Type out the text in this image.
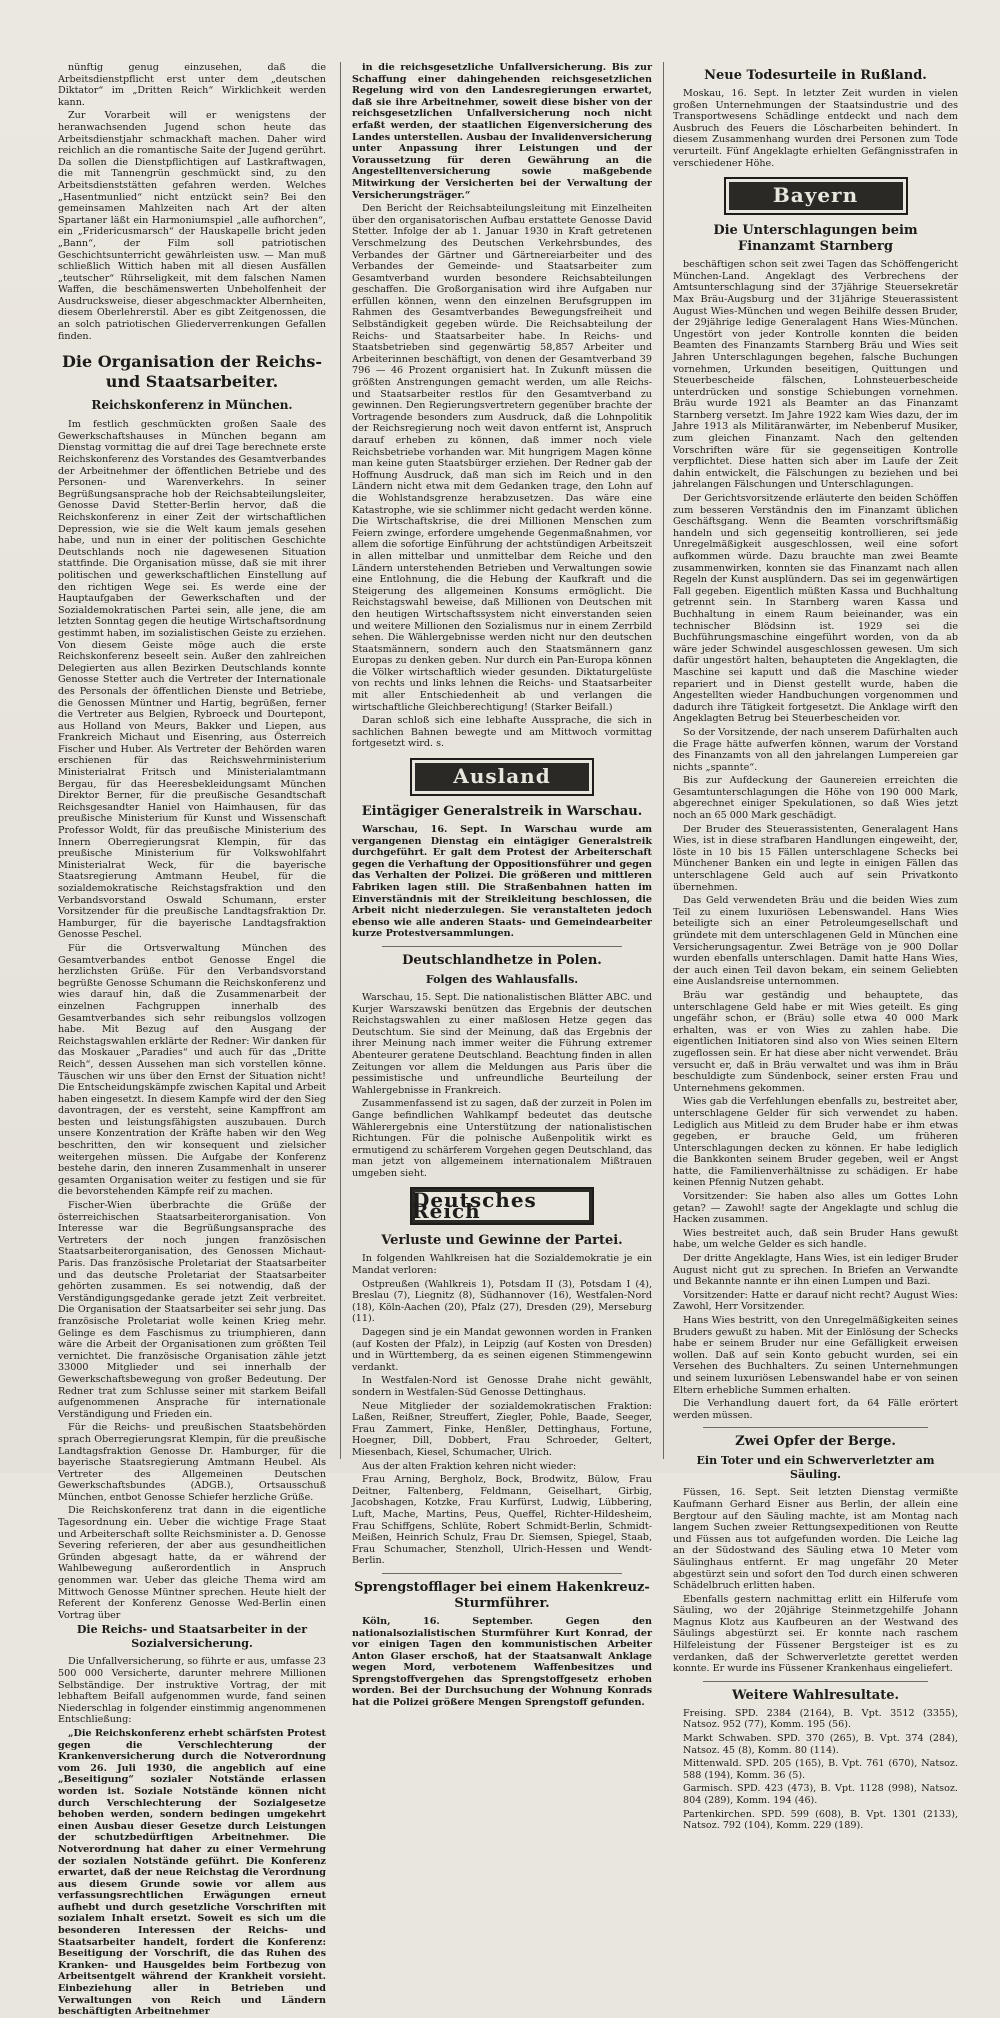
nünftig genug einzusehen, daß die Arbeitsdienstpflicht erst unter dem „deutschen Diktator“ im „Dritten Reich“ Wirklichkeit werden kann.

Zur Vorarbeit will er wenigstens der heranwachsenden Jugend schon heute das Arbeitsdienstjahr schmackhaft machen. Daher wird reichlich an die romantische Saite der Jugend gerührt. Da sollen die Dienstpflichtigen auf Lastkraftwagen, die mit Tannengrün geschmückt sind, zu den Arbeitsdienststätten gefahren werden. Welches „Hasentmunlied“ nicht entzückt sein? Bei den gemeinsamen Mahlzeiten nach Art der alten Spartaner läßt ein Harmoniumspiel „alle aufhorchen“, ein „Fridericusmarsch“ der Hauskapelle bricht jeden „Bann“, der Film soll patriotischen Geschichtsunterricht gewährleisten usw. — Man muß schließlich Wittich haben mit all diesen Ausfällen „teutscher“ Rührseligkeit, mit dem falschen Namen Waffen, die beschämenswerten Unbeholfenheit der Ausdrucksweise, dieser abgeschmackter Albernheiten, diesem Oberlehrerstil. Aber es gibt Zeitgenossen, die an solch patriotischen Gliederverrenkungen Gefallen finden.

Die Organisation der Reichs- und Staatsarbeiter.
Reichskonferenz in München.

Im festlich geschmückten großen Saale des Gewerkschaftshauses in München begann am Dienstag vormittag die auf drei Tage berechnete erste Reichskonferenz des Vorstandes des Gesamtverbandes der Arbeitnehmer der öffentlichen Betriebe und des Personen- und Warenverkehrs. In seiner Begrüßungsansprache hob der Reichsabteilungsleiter, Genosse David Stetter-Berlin hervor, daß die Reichskonferenz in einer Zeit der wirtschaftlichen Depression, wie sie die Welt kaum jemals gesehen habe, und nun in einer der politischen Geschichte Deutschlands noch nie dagewesenen Situation stattfinde. Die Organisation müsse, daß sie mit ihrer politischen und gewerkschaftlichen Einstellung auf den richtigen Wege sei. Es werde eine der Hauptaufgaben der Gewerkschaften und der Sozialdemokratischen Partei sein, alle jene, die am letzten Sonntag gegen die heutige Wirtschaftsordnung gestimmt haben, im sozialistischen Geiste zu erziehen. Von diesem Geiste möge auch die erste Reichskonferenz beseelt sein. Außer den zahlreichen Delegierten aus allen Bezirken Deutschlands konnte Genosse Stetter auch die Vertreter der Internationale des Personals der öffentlichen Dienste und Betriebe, die Genossen Müntner und Hartig, begrüßen, ferner die Vertreter aus Belgien, Rybroeck und Dourtepont, aus Holland von Meurs, Bakker und Liepen, aus Frankreich Michaut und Eisenring, aus Österreich Fischer und Huber. Als Vertreter der Behörden waren erschienen für das Reichswehrministerium Ministerialrat Fritsch und Ministerialamtmann Bergau, für das Heeresbekleidungsamt München Direktor Berner, für die preußische Gesandtschaft Reichsgesandter Haniel von Haimhausen, für das preußische Ministerium für Kunst und Wissenschaft Professor Woldt, für das preußische Ministerium des Innern Oberregierungsrat Klempin, für das preußische Ministerium für Volkswohlfahrt Ministerialrat Weck, für die bayerische Staatsregierung Amtmann Heubel, für die sozialdemokratische Reichstagsfraktion und den Verbandsvorstand Oswald Schumann, erster Vorsitzender für die preußische Landtagsfraktion Dr. Hamburger, für die bayerische Landtagsfraktion Genosse Peschel.

Für die Ortsverwaltung München des Gesamtverbandes entbot Genosse Engel die herzlichsten Grüße. Für den Verbandsvorstand begrüßte Genosse Schumann die Reichskonferenz und wies darauf hin, daß die Zusammenarbeit der einzelnen Fachgruppen innerhalb des Gesamtverbandes sich sehr reibungslos vollzogen habe. Mit Bezug auf den Ausgang der Reichstagswahlen erklärte der Redner: Wir danken für das Moskauer „Paradies“ und auch für das „Dritte Reich“, dessen Aussehen man sich vorstellen könne. Täuschen wir uns über den Ernst der Situation nicht! Die Entscheidungskämpfe zwischen Kapital und Arbeit haben eingesetzt. In diesem Kampfe wird der den Sieg davontragen, der es versteht, seine Kampffront am besten und leistungsfähigsten auszubauen. Durch unsere Konzentration der Kräfte haben wir den Weg beschritten, den wir konsequent und zielsicher weitergehen müssen. Die Aufgabe der Konferenz bestehe darin, den inneren Zusammenhalt in unserer gesamten Organisation weiter zu festigen und sie für die bevorstehenden Kämpfe reif zu machen.

Fischer-Wien überbrachte die Grüße der österreichischen Staatsarbeiterorganisation. Von Interesse war die Begrüßungsansprache des Vertreters der noch jungen französischen Staatsarbeiterorganisation, des Genossen Michaut-Paris. Das französische Proletariat der Staatsarbeiter und das deutsche Proletariat der Staatsarbeiter gehörten zusammen. Es sei notwendig, daß der Verständigungsgedanke gerade jetzt Zeit verbreitet. Die Organisation der Staatsarbeiter sei sehr jung. Das französische Proletariat wolle keinen Krieg mehr. Gelinge es dem Faschismus zu triumphieren, dann wäre die Arbeit der Organisationen zum größten Teil vernichtet. Die französische Organisation zähle jetzt 33000 Mitglieder und sei innerhalb der Gewerkschaftsbewegung von großer Bedeutung. Der Redner trat zum Schlusse seiner mit starkem Beifall aufgenommenen Ansprache für internationale Verständigung und Frieden ein.

Für die Reichs- und preußischen Staatsbehörden sprach Oberregierungsrat Klempin, für die preußische Landtagsfraktion Genosse Dr. Hamburger, für die bayerische Staatsregierung Amtmann Heubel. Als Vertreter des Allgemeinen Deutschen Gewerkschaftsbundes (ADGB.), Ortsausschuß München, entbot Genosse Schiefer herzliche Grüße.

Die Reichskonferenz trat dann in die eigentliche Tagesordnung ein. Ueber die wichtige Frage Staat und Arbeiterschaft sollte Reichsminister a. D. Genosse Severing referieren, der aber aus gesundheitlichen Gründen abgesagt hatte, da er während der Wahlbewegung außerordentlich in Anspruch genommen war. Ueber das gleiche Thema wird am Mittwoch Genosse Müntner sprechen. Heute hielt der Referent der Konferenz Genosse Wed-Berlin einen Vortrag über

Die Reichs- und Staatsarbeiter in der Sozialversicherung.

Die Unfallversicherung, so führte er aus, umfasse 23 500 000 Versicherte, darunter mehrere Millionen Selbständige. Der instruktive Vortrag, der mit lebhaftem Beifall aufgenommen wurde, fand seinen Niederschlag in folgender einstimmig angenommenen Entschließung:

„Die Reichskonferenz erhebt schärfsten Protest gegen die Verschlechterung der Krankenversicherung durch die Notverordnung vom 26. Juli 1930, die angeblich auf eine „Beseitigung“ sozialer Notstände erlassen worden ist. Soziale Notstände können nicht durch Verschlechterung der Sozialgesetze behoben werden, sondern bedingen umgekehrt einen Ausbau dieser Gesetze durch Leistungen der schutzbedürftigen Arbeitnehmer. Die Notverordnung hat daher zu einer Vermehrung der sozialen Notstände geführt. Die Konferenz erwartet, daß der neue Reichstag die Verordnung aus diesem Grunde sowie vor allem aus verfassungsrechtlichen Erwägungen erneut aufhebt und durch gesetzliche Vorschriften mit sozialem Inhalt ersetzt. Soweit es sich um die besonderen Interessen der Reichs- und Staatsarbeiter handelt, fordert die Konferenz: Beseitigung der Vorschrift, die das Ruhen des Kranken- und Hausgeldes beim Fortbezug von Arbeitsentgelt während der Krankheit vorsieht. Einbeziehung aller in Betrieben und Verwaltungen von Reich und Ländern beschäftigten Arbeitnehmer

in die reichsgesetzliche Unfallversicherung. Bis zur Schaffung einer dahingehenden reichsgesetzlichen Regelung wird von den Landesregierungen erwartet, daß sie ihre Arbeitnehmer, soweit diese bisher von der reichsgesetzlichen Unfallversicherung noch nicht erfaßt werden, der staatlichen Eigenversicherung des Landes unterstellen. Ausbau der Invalidenversicherung unter Anpassung ihrer Leistungen und der Voraussetzung für deren Gewährung an die Angestelltenversicherung sowie maßgebende Mitwirkung der Versicherten bei der Verwaltung der Versicherungsträger.“

Den Bericht der Reichsabteilungsleitung mit Einzelheiten über den organisatorischen Aufbau erstattete Genosse David Stetter. Infolge der ab 1. Januar 1930 in Kraft getretenen Verschmelzung des Deutschen Verkehrsbundes, des Verbandes der Gärtner und Gärtnereiarbeiter und des Verbandes der Gemeinde- und Staatsarbeiter zum Gesamtverband wurden besondere Reichsabteilungen geschaffen. Die Großorganisation wird ihre Aufgaben nur erfüllen können, wenn den einzelnen Berufsgruppen im Rahmen des Gesamtverbandes Bewegungsfreiheit und Selbständigkeit gegeben würde. Die Reichsabteilung der Reichs- und Staatsarbeiter habe. In Reichs- und Staatsbetrieben sind gegenwärtig 58,857 Arbeiter und Arbeiterinnen beschäftigt, von denen der Gesamtverband 39 796 — 46 Prozent organisiert hat. In Zukunft müssen die größten Anstrengungen gemacht werden, um alle Reichs- und Staatsarbeiter restlos für den Gesamtverband zu gewinnen. Den Regierungsvertretern gegenüber brachte der Vortragende besonders zum Ausdruck, daß die Lohnpolitik der Reichsregierung noch weit davon entfernt ist, Anspruch darauf erheben zu können, daß immer noch viele Reichsbetriebe vorhanden war. Mit hungrigem Magen könne man keine guten Staatsbürger erziehen. Der Redner gab der Hoffnung Ausdruck, daß man sich im Reich und in den Ländern nicht etwa mit dem Gedanken trage, den Lohn auf die Wohlstandsgrenze herabzusetzen. Das wäre eine Katastrophe, wie sie schlimmer nicht gedacht werden könne. Die Wirtschaftskrise, die drei Millionen Menschen zum Feiern zwinge, erfordere umgehende Gegenmaßnahmen, vor allem die sofortige Einführung der achtstündigen Arbeitszeit in allen mittelbar und unmittelbar dem Reiche und den Ländern unterstehenden Betrieben und Verwaltungen sowie eine Entlohnung, die die Hebung der Kaufkraft und die Steigerung des allgemeinen Konsums ermöglicht. Die Reichstagswahl beweise, daß Millionen von Deutschen mit den heutigen Wirtschaftssystem nicht einverstanden seien und weitere Millionen den Sozialismus nur in einem Zerrbild sehen. Die Wählergebnisse werden nicht nur den deutschen Staatsmännern, sondern auch den Staatsmännern ganz Europas zu denken geben. Nur durch ein Pan-Europa können die Völker wirtschaftlich wieder gesunden. Diktaturgelüste von rechts und links lehnen die Reichs- und Staatsarbeiter mit aller Entschiedenheit ab und verlangen die wirtschaftliche Gleichberechtigung! (Starker Beifall.)

Daran schloß sich eine lebhafte Aussprache, die sich in sachlichen Bahnen bewegte und am Mittwoch vormittag fortgesetzt wird. s.

Ausland
Eintägiger Generalstreik in Warschau.

Warschau, 16. Sept. In Warschau wurde am vergangenen Dienstag ein eintägiger Generalstreik durchgeführt. Er galt dem Protest der Arbeiterschaft gegen die Verhaftung der Oppositionsführer und gegen das Verhalten der Polizei. Die größeren und mittleren Fabriken lagen still. Die Straßenbahnen hatten im Einverständnis mit der Streikleitung beschlossen, die Arbeit nicht niederzulegen. Sie veranstalteten jedoch ebenso wie alle anderen Staats- und Gemeindearbeiter kurze Protestversammlungen.

Deutschlandhetze in Polen.
Folgen des Wahlausfalls.

Warschau, 15. Sept. Die nationalistischen Blätter ABC. und Kurjer Warszawski benützen das Ergebnis der deutschen Reichstagswahlen zu einer maßlosen Hetze gegen das Deutschtum. Sie sind der Meinung, daß das Ergebnis der ihrer Meinung nach immer weiter die Führung extremer Abenteurer geratene Deutschland. Beachtung finden in allen Zeitungen vor allem die Meldungen aus Paris über die pessimistische und unfreundliche Beurteilung der Wahlergebnisse in Frankreich.

Zusammenfassend ist zu sagen, daß der zurzeit in Polen im Gange befindlichen Wahlkampf bedeutet das deutsche Wählerergebnis eine Unterstützung der nationalistischen Richtungen. Für die polnische Außenpolitik wirkt es ermutigend zu schärferem Vorgehen gegen Deutschland, das man jetzt von allgemeinem internationalem Mißtrauen umgeben sieht.

Deutsches Reich
Verluste und Gewinne der Partei.

In folgenden Wahlkreisen hat die Sozialdemokratie je ein Mandat verloren:

Ostpreußen (Wahlkreis 1), Potsdam II (3), Potsdam I (4), Breslau (7), Liegnitz (8), Südhannover (16), Westfalen-Nord (18), Köln-Aachen (20), Pfalz (27), Dresden (29), Merseburg (11).

Dagegen sind je ein Mandat gewonnen worden in Franken (auf Kosten der Pfalz), in Leipzig (auf Kosten von Dresden) und in Württemberg, da es seinen eigenen Stimmengewinn verdankt.

In Westfalen-Nord ist Genosse Drahe nicht gewählt, sondern in Westfalen-Süd Genosse Dettinghaus.

Neue Mitglieder der sozialdemokratischen Fraktion: Laßen, Reißner, Streuffert, Ziegler, Pohle, Baade, Seeger, Frau Zammert, Finke, Henßler, Dettinghaus, Fortune, Hoegner, Dill, Dobbert, Frau Schroeder, Geltert, Miesenbach, Kiesel, Schumacher, Ulrich.

Aus der alten Fraktion kehren nicht wieder:

Frau Arning, Bergholz, Bock, Brodwitz, Bülow, Frau Deitner, Faltenberg, Feldmann, Geiselhart, Girbig, Jacobshagen, Kotzke, Frau Kurfürst, Ludwig, Lübbering, Luft, Mache, Martins, Peus, Queffel, Richter-Hildesheim, Frau Schiffgens, Schlüte, Robert Schmidt-Berlin, Schmidt-Meißen, Heinrich Schulz, Frau Dr. Siemsen, Spiegel, Staab, Frau Schumacher, Stenzholl, Ulrich-Hessen und Wendt-Berlin.

Sprengstofflager bei einem Hakenkreuz-Sturmführer.

Köln, 16. September. Gegen den nationalsozialistischen Sturmführer Kurt Konrad, der vor einigen Tagen den kommunistischen Arbeiter Anton Glaser erschoß, hat der Staatsanwalt Anklage wegen Mord, verbotenem Waffenbesitzes und Sprengstoffvergehen das Sprengstoffgesetz erhoben worden. Bei der Durchsuchung der Wohnung Konrads hat die Polizei größere Mengen Sprengstoff gefunden.

Neue Todesurteile in Rußland.

Moskau, 16. Sept. In letzter Zeit wurden in vielen großen Unternehmungen der Staatsindustrie und des Transportwesens Schädlinge entdeckt und nach dem Ausbruch des Feuers die Löscharbeiten behindert. In diesem Zusammenhang wurden drei Personen zum Tode verurteilt. Fünf Angeklagte erhielten Gefängnisstrafen in verschiedener Höhe.

Bayern
Die Unterschlagungen beim Finanzamt Starnberg

beschäftigen schon seit zwei Tagen das Schöffengericht München-Land. Angeklagt des Verbrechens der Amtsunterschlagung sind der 37jährige Steuersekretär Max Bräu-Augsburg und der 31jährige Steuerassistent August Wies-München und wegen Beihilfe dessen Bruder, der 29jährige ledige Generalagent Hans Wies-München. Ungestört von jeder Kontrolle konnten die beiden Beamten des Finanzamts Starnberg Bräu und Wies seit Jahren Unterschlagungen begehen, falsche Buchungen vornehmen, Urkunden beseitigen, Quittungen und Steuerbescheide fälschen, Lohnsteuerbescheide unterdrücken und sonstige Schiebungen vornehmen. Bräu wurde 1921 als Beamter an das Finanzamt Starnberg versetzt. Im Jahre 1922 kam Wies dazu, der im Jahre 1913 als Militäranwärter, im Nebenberuf Musiker, zum gleichen Finanzamt. Nach den geltenden Vorschriften wäre für sie gegenseitigen Kontrolle verpflichtet. Diese hatten sich aber im Laufe der Zeit dahin entwickelt, die Fälschungen zu beziehen und bei jahrelangen Fälschungen und Unterschlagungen.

Der Gerichtsvorsitzende erläuterte den beiden Schöffen zum besseren Verständnis den im Finanzamt üblichen Geschäftsgang. Wenn die Beamten vorschriftsmäßig handeln und sich gegenseitig kontrollieren, sei jede Unregelmäßigkeit ausgeschlossen, weil eine sofort aufkommen würde. Dazu brauchte man zwei Beamte zusammenwirken, konnten sie das Finanzamt nach allen Regeln der Kunst ausplündern. Das sei im gegenwärtigen Fall gegeben. Eigentlich müßten Kassa und Buchhaltung getrennt sein. In Starnberg waren Kassa und Buchhaltung in einem Raum beieinander, was ein technischer Blödsinn ist. 1929 sei die Buchführungsmaschine eingeführt worden, von da ab wäre jeder Schwindel ausgeschlossen gewesen. Um sich dafür ungestört halten, behaupteten die Angeklagten, die Maschine sei kaputt und daß die Maschine wieder repariert und in Dienst gestellt wurde, haben die Angestellten wieder Handbuchungen vorgenommen und dadurch ihre Tätigkeit fortgesetzt. Die Anklage wirft den Angeklagten Betrug bei Steuerbescheiden vor.

So der Vorsitzende, der nach unserem Dafürhalten auch die Frage hätte aufwerfen können, warum der Vorstand des Finanzamts von all den jahrelangen Lumpereien gar nichts „spannte“.

Bis zur Aufdeckung der Gaunereien erreichten die Gesamtunterschlagungen die Höhe von 190 000 Mark, abgerechnet einiger Spekulationen, so daß Wies jetzt noch an 65 000 Mark geschädigt.

Der Bruder des Steuerassistenten, Generalagent Hans Wies, ist in diese strafbaren Handlungen eingeweiht, der, löste in 10 bis 15 Fällen unterschlagene Schecks bei Münchener Banken ein und legte in einigen Fällen das unterschlagene Geld auch auf sein Privatkonto übernehmen.

Das Geld verwendeten Bräu und die beiden Wies zum Teil zu einem luxuriösen Lebenswandel. Hans Wies beteiligte sich an einer Petroleumgesellschaft und gründete mit dem unterschlagenen Geld in München eine Versicherungsagentur. Zwei Beträge von je 900 Dollar wurden ebenfalls unterschlagen. Damit hatte Hans Wies, der auch einen Teil davon bekam, ein seinem Geliebten eine Auslandsreise unternommen.

Bräu war geständig und behauptete, das unterschlagene Geld habe er mit Wies geteilt. Es ging ungefähr schon, er (Bräu) solle etwa 40 000 Mark erhalten, was er von Wies zu zahlen habe. Die eigentlichen Initiatoren sind also von Wies seinen Eltern zugeflossen sein. Er hat diese aber nicht verwendet. Bräu versucht er, daß in Bräu verwaltet und was ihm in Bräu beschuldigte zum Sündenbock, seiner ersten Frau und Unternehmens gekommen.

Wies gab die Verfehlungen ebenfalls zu, bestreitet aber, unterschlagene Gelder für sich verwendet zu haben. Lediglich aus Mitleid zu dem Bruder habe er ihm etwas gegeben, er brauche Geld, um früheren Unterschlagungen decken zu können. Er habe lediglich die Bankkonten seinem Bruder gegeben, weil er Angst hatte, die Familienverhältnisse zu schädigen. Er habe keinen Pfennig Nutzen gehabt.

Vorsitzender: Sie haben also alles um Gottes Lohn getan? — Zawohl! sagte der Angeklagte und schlug die Hacken zusammen.

Wies bestreitet auch, daß sein Bruder Hans gewußt habe, um welche Gelder es sich handle.

Der dritte Angeklagte, Hans Wies, ist ein lediger Bruder August nicht gut zu sprechen. In Briefen an Verwandte und Bekannte nannte er ihn einen Lumpen und Bazi.

Vorsitzender: Hatte er darauf nicht recht? August Wies: Zawohl, Herr Vorsitzender.

Hans Wies bestritt, von den Unregelmäßigkeiten seines Bruders gewußt zu haben. Mit der Einlösung der Schecks habe er seinem Bruder nur eine Gefälligkeit erweisen wollen. Daß auf sein Konto gebucht wurden, sei ein Versehen des Buchhalters. Zu seinen Unternehmungen und seinem luxuriösen Lebenswandel habe er von seinen Eltern erhebliche Summen erhalten.

Die Verhandlung dauert fort, da 64 Fälle erörtert werden müssen.

Zwei Opfer der Berge.
Ein Toter und ein Schwerverletzter am Säuling.

Füssen, 16. Sept. Seit letzten Dienstag vermißte Kaufmann Gerhard Eisner aus Berlin, der allein eine Bergtour auf den Säuling machte, ist am Montag nach langem Suchen zweier Rettungsexpeditionen von Reutte und Füssen aus tot aufgefunden worden. Die Leiche lag an der Südostwand des Säuling etwa 10 Meter vom Säulinghaus entfernt. Er mag ungefähr 20 Meter abgestürzt sein und sofort den Tod durch einen schweren Schädelbruch erlitten haben.

Ebenfalls gestern nachmittag erlitt ein Hilferufe vom Säuling, wo der 20jährige Steinmetzgehilfe Johann Magnus Klotz aus Kaufbeuren an der Westwand des Säulings abgestürzt sei. Er konnte nach raschem Hilfeleistung der Füssener Bergsteiger ist es zu verdanken, daß der Schwerverletzte gerettet werden konnte. Er wurde ins Füssener Krankenhaus eingeliefert.

Weitere Wahlresultate.

Freising. SPD. 2384 (2164), B. Vpt. 3512 (3355), Natsoz. 952 (77), Komm. 195 (56).

Markt Schwaben. SPD. 370 (265), B. Vpt. 374 (284), Natsoz. 45 (8), Komm. 80 (114).

Mittenwald. SPD. 205 (165), B. Vpt. 761 (670), Natsoz. 588 (194), Komm. 36 (5).

Garmisch. SPD. 423 (473), B. Vpt. 1128 (998), Natsoz. 804 (289), Komm. 194 (46).

Partenkirchen. SPD. 599 (608), B. Vpt. 1301 (2133), Natsoz. 792 (104), Komm. 229 (189).
